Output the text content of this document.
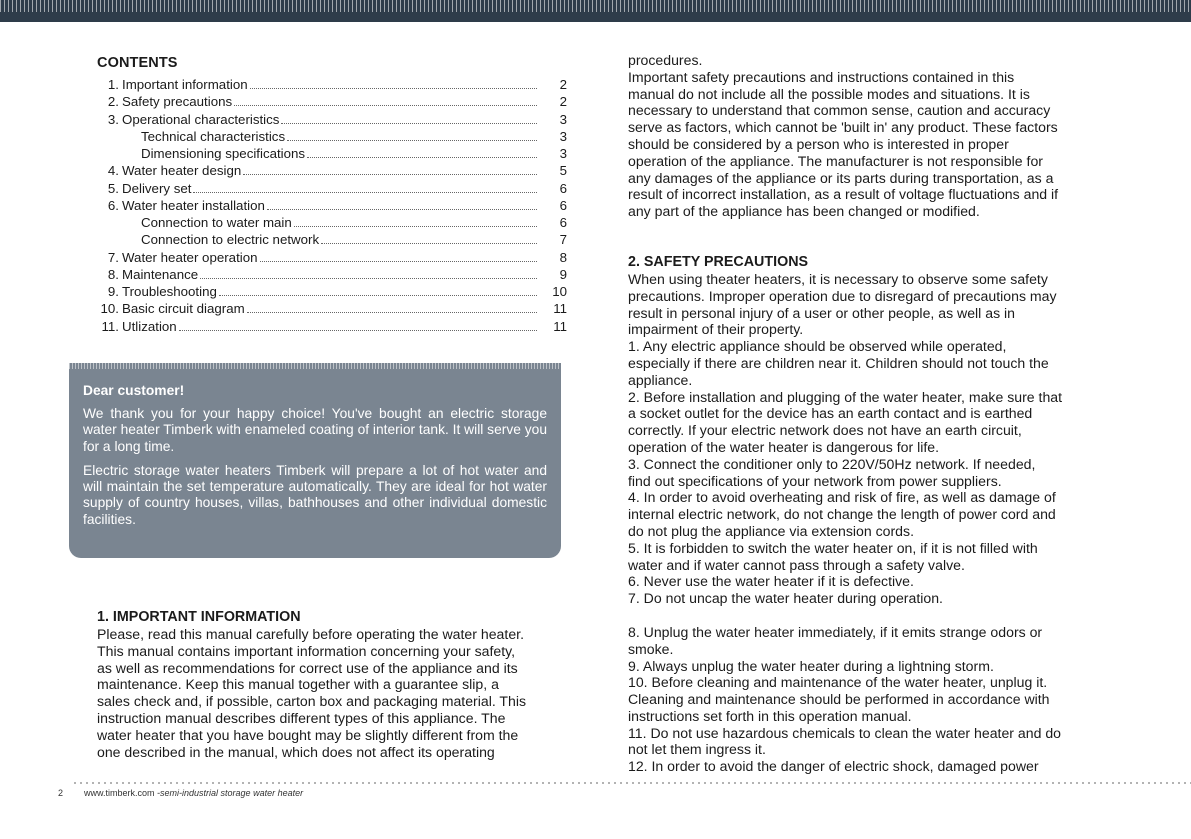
CONTENTS
1. Important information	2
2. Safety precautions	2
3. Operational characteristics	3
Technical characteristics	3
Dimensioning specifications	3
4. Water heater design	5
5. Delivery set	6
6. Water heater installation	6
Connection to water main	6
Connection to electric network	7
7. Water heater operation	8
8. Maintenance	9
9. Troubleshooting	10
10. Basic circuit diagram	11
11. Utlization	11
Dear customer!

We thank you for your happy choice! You've bought an electric storage water heater Timberk with enameled coating of interior tank. It will serve you for a long time.

Electric storage water heaters Timberk will prepare a lot of hot water and will maintain the set temperature automatically. They are ideal for hot water supply of country houses, villas, bathhouses and other individual domestic facilities.

1. IMPORTANT INFORMATION
Please, read this manual carefully before operating the water heater.
This manual contains important information concerning your safety,
as well as recommendations for correct use of the appliance and its
maintenance. Keep this manual together with a guarantee slip, a
sales check and, if possible, carton box and packaging material. This
instruction manual describes different types of this appliance. The
water heater that you have bought may be slightly different from the
one described in the manual, which does not affect its operating
procedures.
Important safety precautions and instructions contained in this
manual do not include all the possible modes and situations. It is
necessary to understand that common sense, caution and accuracy
serve as factors, which cannot be 'built in' any product. These factors
should be considered by a person who is interested in proper
operation of the appliance. The manufacturer is not responsible for
any damages of the appliance or its parts during transportation, as a
result of incorrect installation, as a result of voltage fluctuations and if
any part of the appliance has been changed or modified.
2. SAFETY PRECAUTIONS
When using theater heaters, it is necessary to observe some safety
precautions. Improper operation due to disregard of precautions may
result in personal injury of a user or other people, as well as in
impairment of their property.
1. Any electric appliance should be observed while operated,
especially if there are children near it. Children should not touch the
appliance.
2. Before installation and plugging of the water heater, make sure that
a socket outlet for the device has an earth contact and is earthed
correctly. If your electric network does not have an earth circuit,
operation of the water heater is dangerous for life.
3. Connect the conditioner only to 220V/50Hz network. If needed,
find out specifications of your network from power suppliers.
4. In order to avoid overheating and risk of fire, as well as damage of
internal electric network, do not change the length of power cord and
do not plug the appliance via extension cords.
5. It is forbidden to switch the water heater on, if it is not filled with
water and if water cannot pass through a safety valve.
6. Never use the water heater if it is defective.
7. Do not uncap the water heater during operation.
8. Unplug the water heater immediately, if it emits strange odors or
smoke.
9. Always unplug the water heater during a lightning storm.
10. Before cleaning and maintenance of the water heater, unplug it.
Cleaning and maintenance should be performed in accordance with
instructions set forth in this operation manual.
11. Do not use hazardous chemicals to clean the water heater and do
not let them ingress it.
12. In order to avoid the danger of electric shock, damaged power
2 www.timberk.com -semi-industrial storage water heater
